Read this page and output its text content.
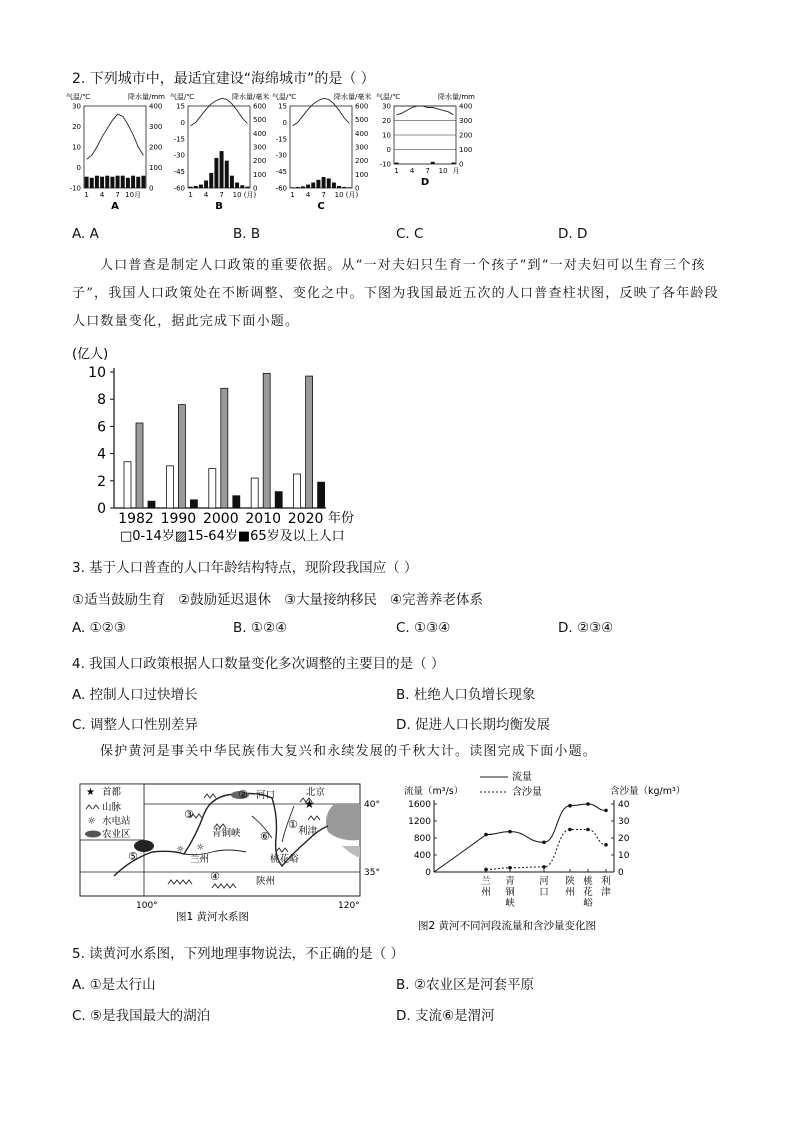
2. 下列城市中，最适宜建设“海绵城市”的是（ ）
气温/℃	降水量/mm
30
20
10
0
-10
400
300
200
100
0
1 4 7 10月
A
气温/℃	降水量/毫米
15
0
-15
-30
-45
-60
600
500
400
300
200
100
0
1 4 7 10 (月)
B
气温/℃	降水量/毫米
15
0
-15
-30
-45
-60
600
500
400
300
200
100
0
1 4 7 10 (月)
C
气温/℃	降水量/mm
30
20
10
0
-10
400
300
200
100
0
1 4 7 10 月
D
A. A	B. B	C. C	D. D
人口普查是制定人口政策的重要依据。从“一对夫妇只生育一个孩子”到“一对夫妇可以生育三个孩子”，我国人口政策处在不断调整、变化之中。下图为我国最近五次的人口普查柱状图，反映了各年龄段人口数量变化，据此完成下面小题。
(亿人)
10
8
6
4
2
0
1982 1990 2000 2010 2020 年份
□0-14岁▨15-64岁■65岁及以上人口
3. 基于人口普查的人口年龄结构特点，现阶段我国应（ ）
①适当鼓励生育   ②鼓励延迟退休   ③大量接纳移民   ④完善养老体系
A. ①②③	B. ①②④	C. ①③④	D. ②③④
4. 我国人口政策根据人口数量变化多次调整的主要目的是（ ）
A. 控制人口过快增长	B. 杜绝人口负增长现象
C. 调整人口性别差异	D. 促进人口长期均衡发展
保护黄河是事关中华民族伟大复兴和永续发展的千秋大计。读图完成下面小题。
★ 首都
山脉
☼ 水电站
农业区
★
河口	北京
青铜峡
兰州
利津
桃花峪
陕州
①
②
③
④
⑤
⑥
☼ ☼
40°
35°
100°	120°
图1 黄河水系图
流量
含沙量
流量（m³/s）	含沙量（kg/m³）
1600
1200
800
400
0
40
30
20
10
0
兰州
青铜峡
河口
陕州
桃花峪
利津
图2 黄河不同河段流量和含沙量变化图
5. 读黄河水系图，下列地理事物说法，不正确的是（ ）
A. ①是太行山	B. ②农业区是河套平原
C. ⑤是我国最大的湖泊	D. 支流⑥是渭河
